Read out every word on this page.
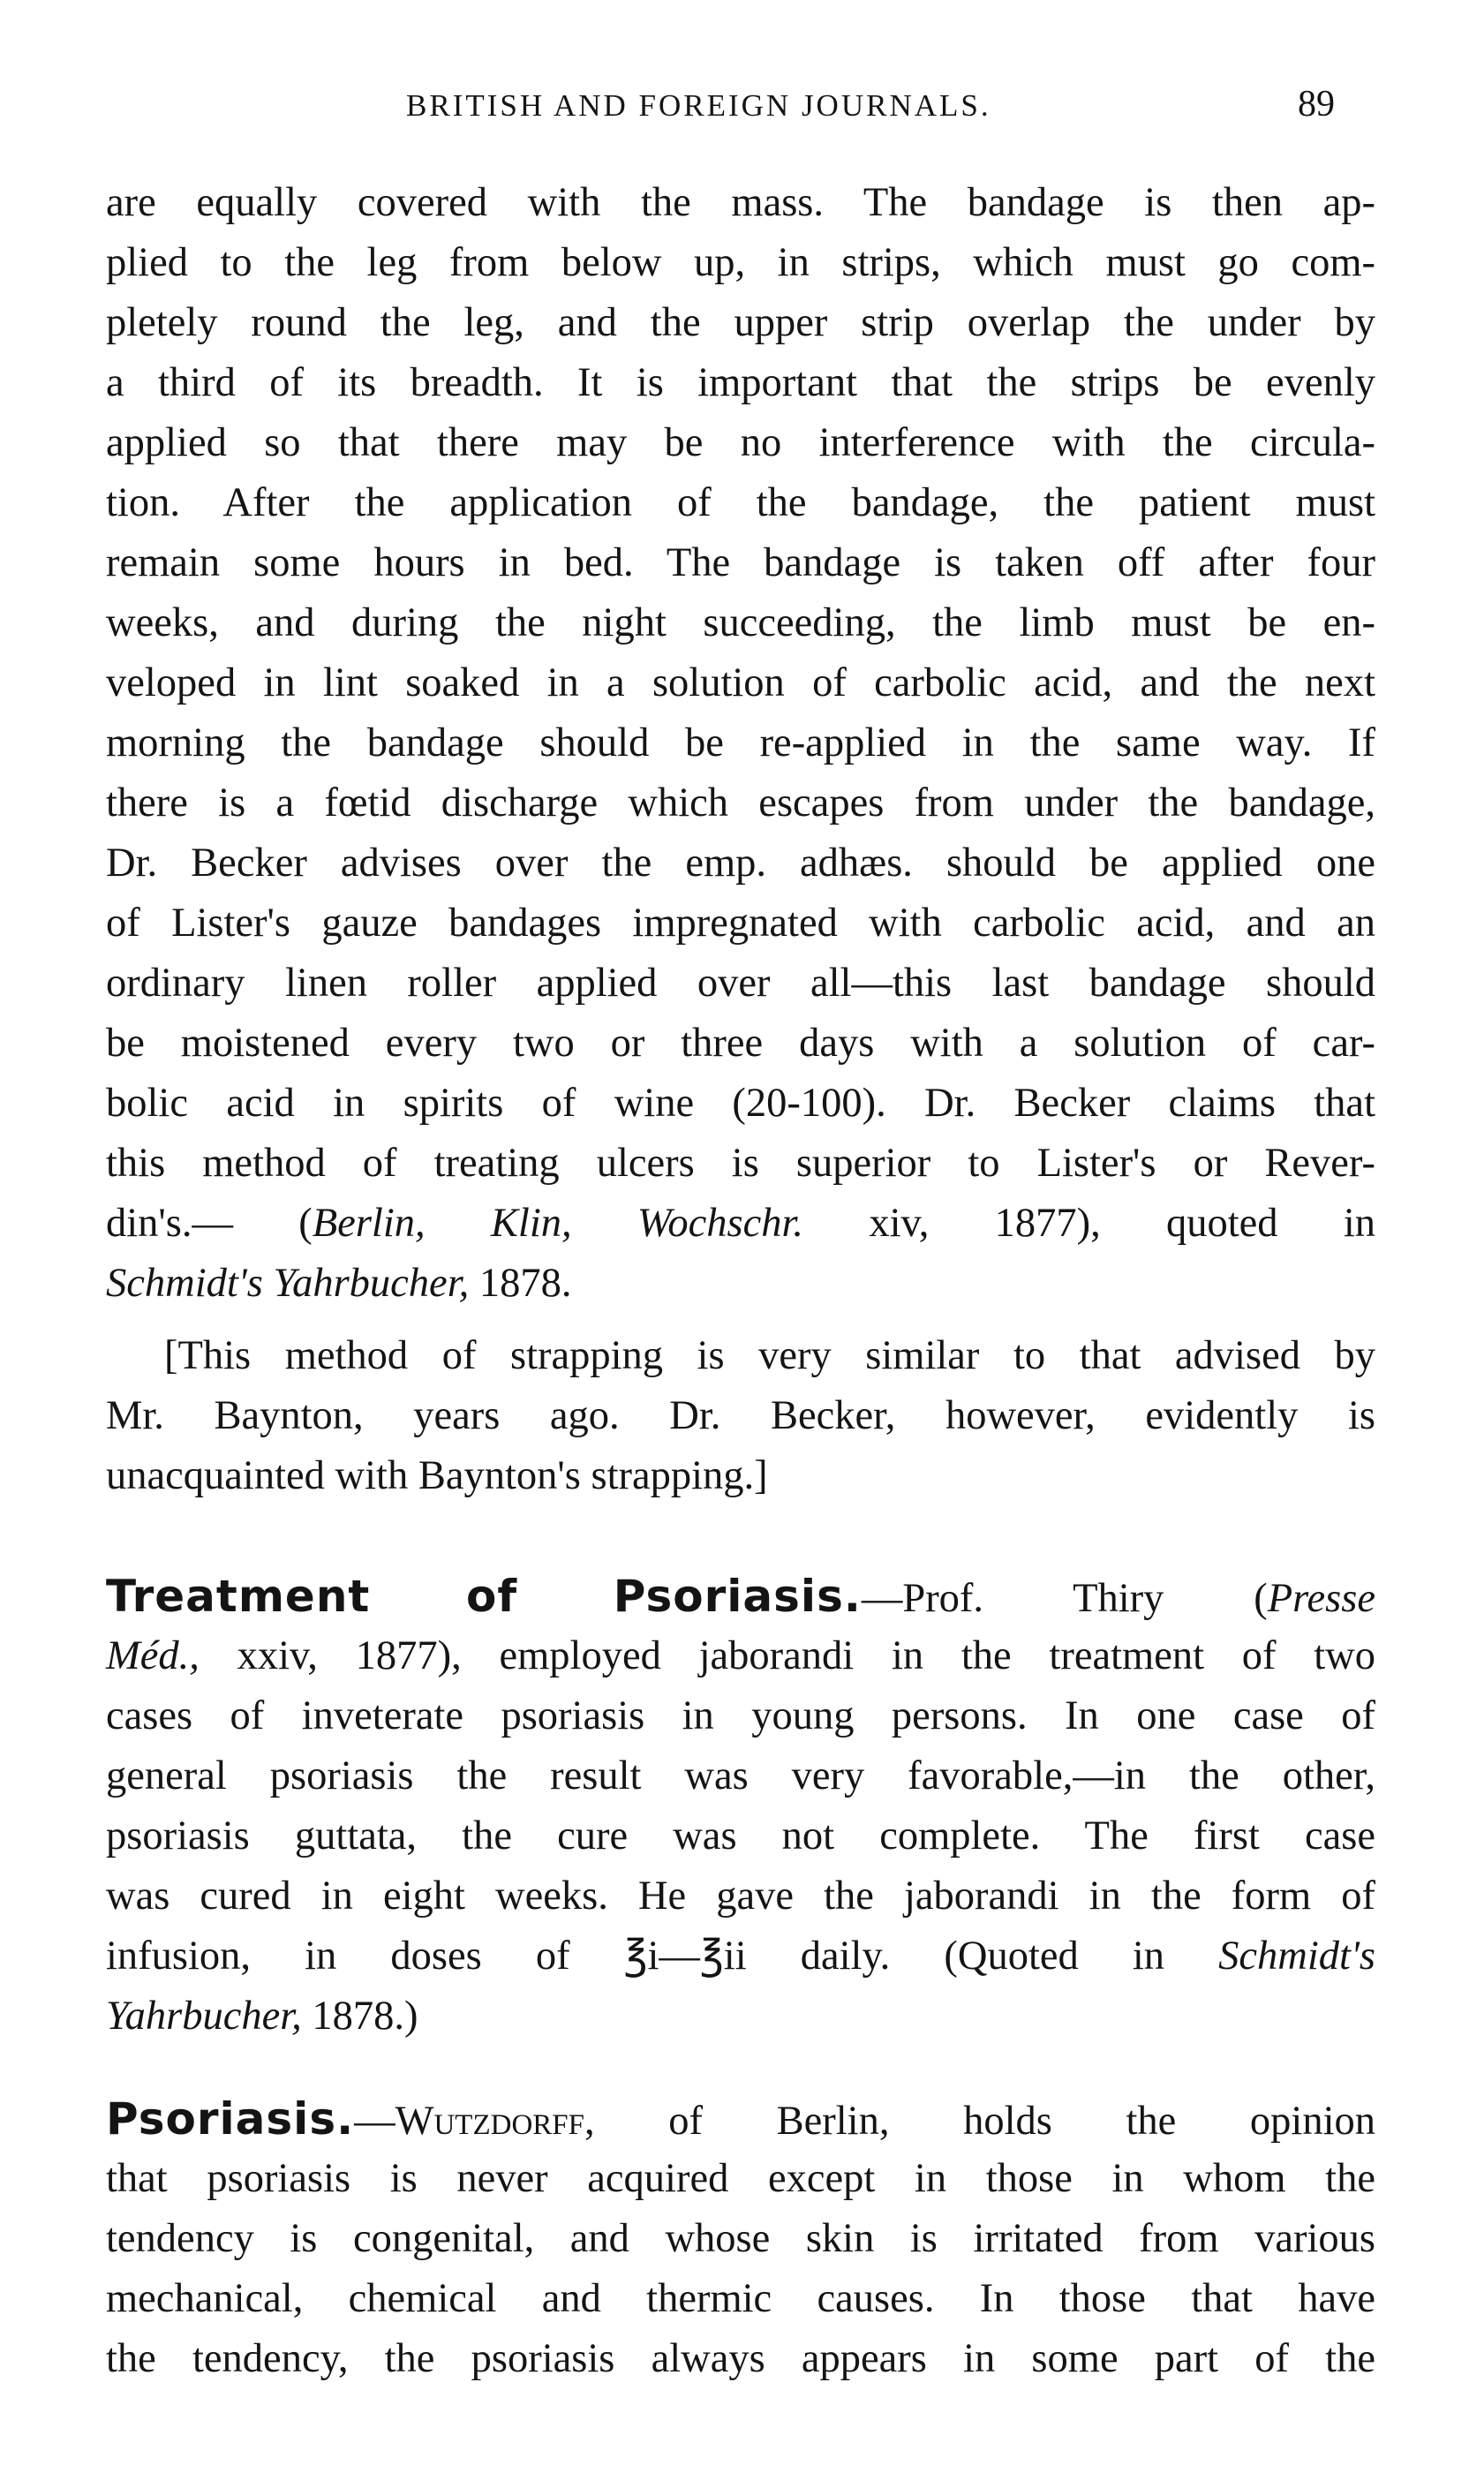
BRITISH AND FOREIGN JOURNALS.	89
are equally covered with the mass. The bandage is then ap-
plied to the leg from below up, in strips, which must go com-
pletely round the leg, and the upper strip overlap the under by
a third of its breadth. It is important that the strips be evenly
applied so that there may be no interference with the circula-
tion. After the application of the bandage, the patient must
remain some hours in bed. The bandage is taken off after four
weeks, and during the night succeeding, the limb must be en-
veloped in lint soaked in a solution of carbolic acid, and the next
morning the bandage should be re-applied in the same way. If
there is a fœtid discharge which escapes from under the bandage,
Dr. Becker advises over the emp. adhæs. should be applied one
of Lister's gauze bandages impregnated with carbolic acid, and an
ordinary linen roller applied over all—this last bandage should
be moistened every two or three days with a solution of car-
bolic acid in spirits of wine (20-100). Dr. Becker claims that
this method of treating ulcers is superior to Lister's or Rever-
din's.— (Berlin, Klin, Wochschr. xiv, 1877), quoted in
Schmidt's Yahrbucher, 1878.
[This method of strapping is very similar to that advised by
Mr. Baynton, years ago. Dr. Becker, however, evidently is
unacquainted with Baynton's strapping.]
Treatment of Psoriasis.—Prof. Thiry (Presse
Méd., xxiv, 1877), employed jaborandi in the treatment of two
cases of inveterate psoriasis in young persons. In one case of
general psoriasis the result was very favorable,—in the other,
psoriasis guttata, the cure was not complete. The first case
was cured in eight weeks. He gave the jaborandi in the form of
infusion, in doses of ℥i—℥ii daily. (Quoted in Schmidt's
Yahrbucher, 1878.)
Psoriasis.—Wutzdorff, of Berlin, holds the opinion
that psoriasis is never acquired except in those in whom the
tendency is congenital, and whose skin is irritated from various
mechanical, chemical and thermic causes. In those that have
the tendency, the psoriasis always appears in some part of the
